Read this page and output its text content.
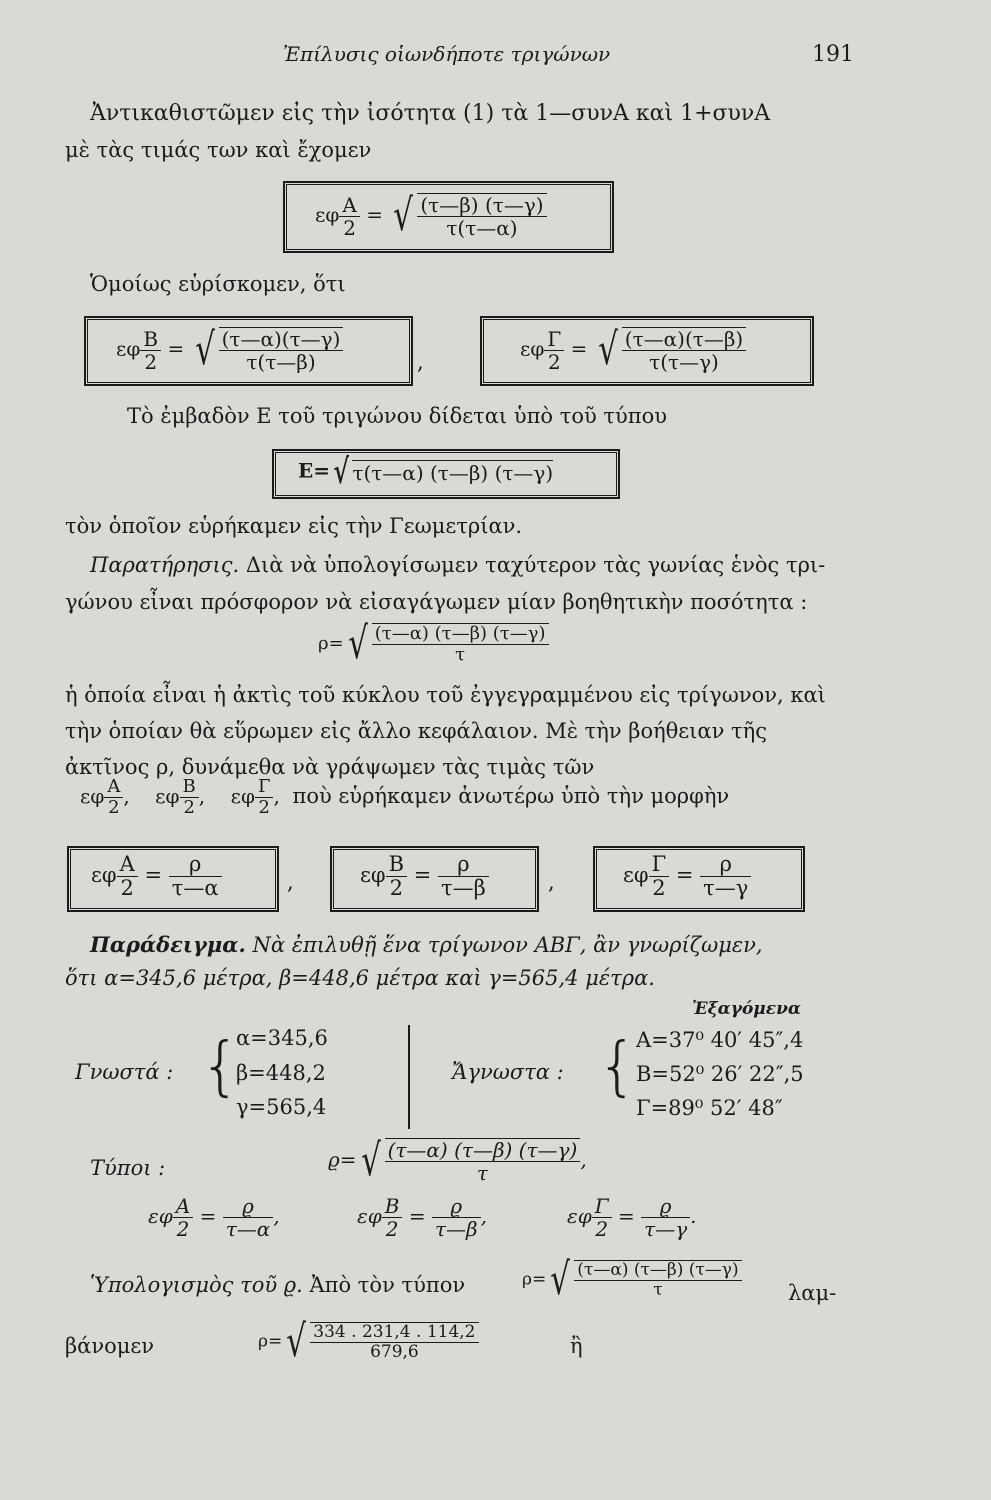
Ἐπίλυσις οἱωνδήποτε τριγώνων	191
Ἀντικαθιστῶμεν εἰς τὴν ἰσότητα (1) τὰ 1—συνA καὶ 1+συνA
μὲ τὰς τιμάς των καὶ ἔχομεν
εφ $\frac{A}{2}$ = √ $\frac{(\tau—\beta) (\tau—\gamma)}{\tau(\tau—\alpha)}$
Ὁμοίως εὑρίσκομεν, ὅτι
εφ $\frac{B}{2}$ = √ $\frac{(\tau—\alpha)(\tau—\gamma)}{\tau(\tau—\beta)}$	,
εφ $\frac{\Gamma}{2}$ = √ $\frac{(\tau—\alpha)(\tau—\beta)}{\tau(\tau—\gamma)}$
Τὸ ἐμβαδὸν E τοῦ τριγώνου δίδεται ὑπὸ τοῦ τύπου
E=√ τ(τ—α) (τ—β) (τ—γ)
τὸν ὁποῖον εὑρήκαμεν εἰς τὴν Γεωμετρίαν.
Παρατήρησις. Διὰ νὰ ὑπολογίσωμεν ταχύτερον τὰς γωνίας ἑνὸς τρι-
γώνου εἶναι πρόσφορον νὰ εἰσαγάγωμεν μίαν βοηθητικὴν ποσότητα :
$\rho=√ \frac{(\tau—\alpha) (\tau—\beta) (\tau—\gamma)}{\tau}$
ἡ ὁποία εἶναι ἡ ἀκτὶς τοῦ κύκλου τοῦ ἐγγεγραμμένου εἰς τρίγωνον, καὶ
τὴν ὁποίαν θὰ εὕρωμεν εἰς ἄλλο κεφάλαιον. Μὲ τὴν βοήθειαν τῆς
ἀκτῖνος ρ, δυνάμεθα νὰ γράψωμεν τὰς τιμὰς τῶν
εφ $\frac{A}{2}$ , εφ $\frac{B}{2}$ , εφ $\frac{\Gamma}{2}$ , ποὺ εὑρήκαμεν ἀνωτέρω ὑπὸ τὴν μορφὴν
εφ $\frac{A}{2} = \frac{\rho}{\tau—\alpha}$	,	εφ $\frac{B}{2} = \frac{\rho}{\tau—\beta}$	,	εφ $\frac{\Gamma}{2} = \frac{\rho}{\tau—\gamma}$
Παράδειγμα. Νὰ ἐπιλυθῇ ἕνα τρίγωνον ΑΒΓ, ἂν γνωρίζωμεν,
ὅτι α=345,6 μέτρα, β=448,6 μέτρα καὶ γ=565,4 μέτρα.
Ἐξαγόμενα
Γνωστά : {
α=345,6
β=448,2
γ=565,4
Ἄγνωστα : {
A=37⁰ 40′ 45″,4
B=52⁰ 26′ 22″,5
Γ=89⁰ 52′ 48″
Τύποι :	$ϱ=√ \frac{(\tau—\alpha) (\tau—\beta) (\tau—\gamma)}{\tau}$ ,
εφ $\frac{A}{2} = \frac{ϱ}{\tau—\alpha}$ ,	εφ $\frac{B}{2} = \frac{ϱ}{\tau—\beta}$ ,	εφ $\frac{\Gamma}{2} = \frac{ϱ}{\tau—\gamma}$ .
Ὑπολογισμὸς τοῦ ϱ. Ἀπὸ τὸν τύπον	$\rho=√ \frac{(\tau—\alpha) (\tau—\beta) (\tau—\gamma)}{\tau} \lambda\alpha\mu-$
βάνομεν	$\rho=√ \frac{334 . 231,4 . 114,2}{679,6}$	ἢ
